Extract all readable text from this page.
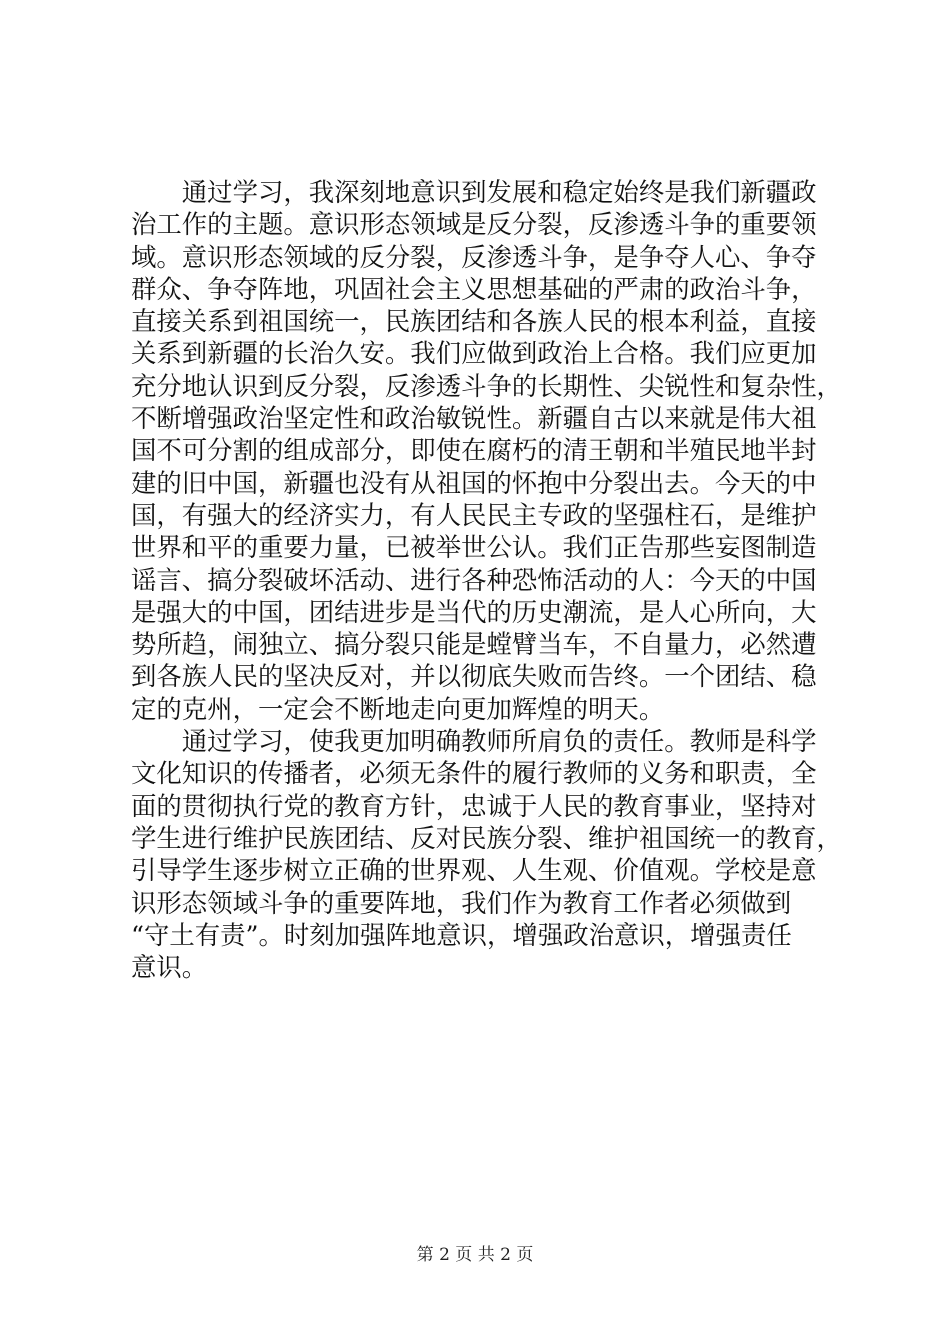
　　通过学习，我深刻地意识到发展和稳定始终是我们新疆政
治工作的主题。意识形态领域是反分裂，反渗透斗争的重要领
域。意识形态领域的反分裂，反渗透斗争，是争夺人心、争夺
群众、争夺阵地，巩固社会主义思想基础的严肃的政治斗争，
直接关系到祖国统一，民族团结和各族人民的根本利益，直接
关系到新疆的长治久安。我们应做到政治上合格。我们应更加
充分地认识到反分裂，反渗透斗争的长期性、尖锐性和复杂性，
不断增强政治坚定性和政治敏锐性。新疆自古以来就是伟大祖
国不可分割的组成部分，即使在腐朽的清王朝和半殖民地半封
建的旧中国，新疆也没有从祖国的怀抱中分裂出去。今天的中
国，有强大的经济实力，有人民民主专政的坚强柱石，是维护
世界和平的重要力量，已被举世公认。我们正告那些妄图制造
谣言、搞分裂破坏活动、进行各种恐怖活动的人：今天的中国
是强大的中国，团结进步是当代的历史潮流，是人心所向，大
势所趋，闹独立、搞分裂只能是螳臂当车，不自量力，必然遭
到各族人民的坚决反对，并以彻底失败而告终。一个团结、稳
定的克州，一定会不断地走向更加辉煌的明天。
　　通过学习，使我更加明确教师所肩负的责任。教师是科学
文化知识的传播者，必须无条件的履行教师的义务和职责，全
面的贯彻执行党的教育方针，忠诚于人民的教育事业，坚持对
学生进行维护民族团结、反对民族分裂、维护祖国统一的教育，
引导学生逐步树立正确的世界观、人生观、价值观。学校是意
识形态领域斗争的重要阵地，我们作为教育工作者必须做到
“守土有责”。时刻加强阵地意识，增强政治意识，增强责任
意识。
第 2 页 共 2 页
